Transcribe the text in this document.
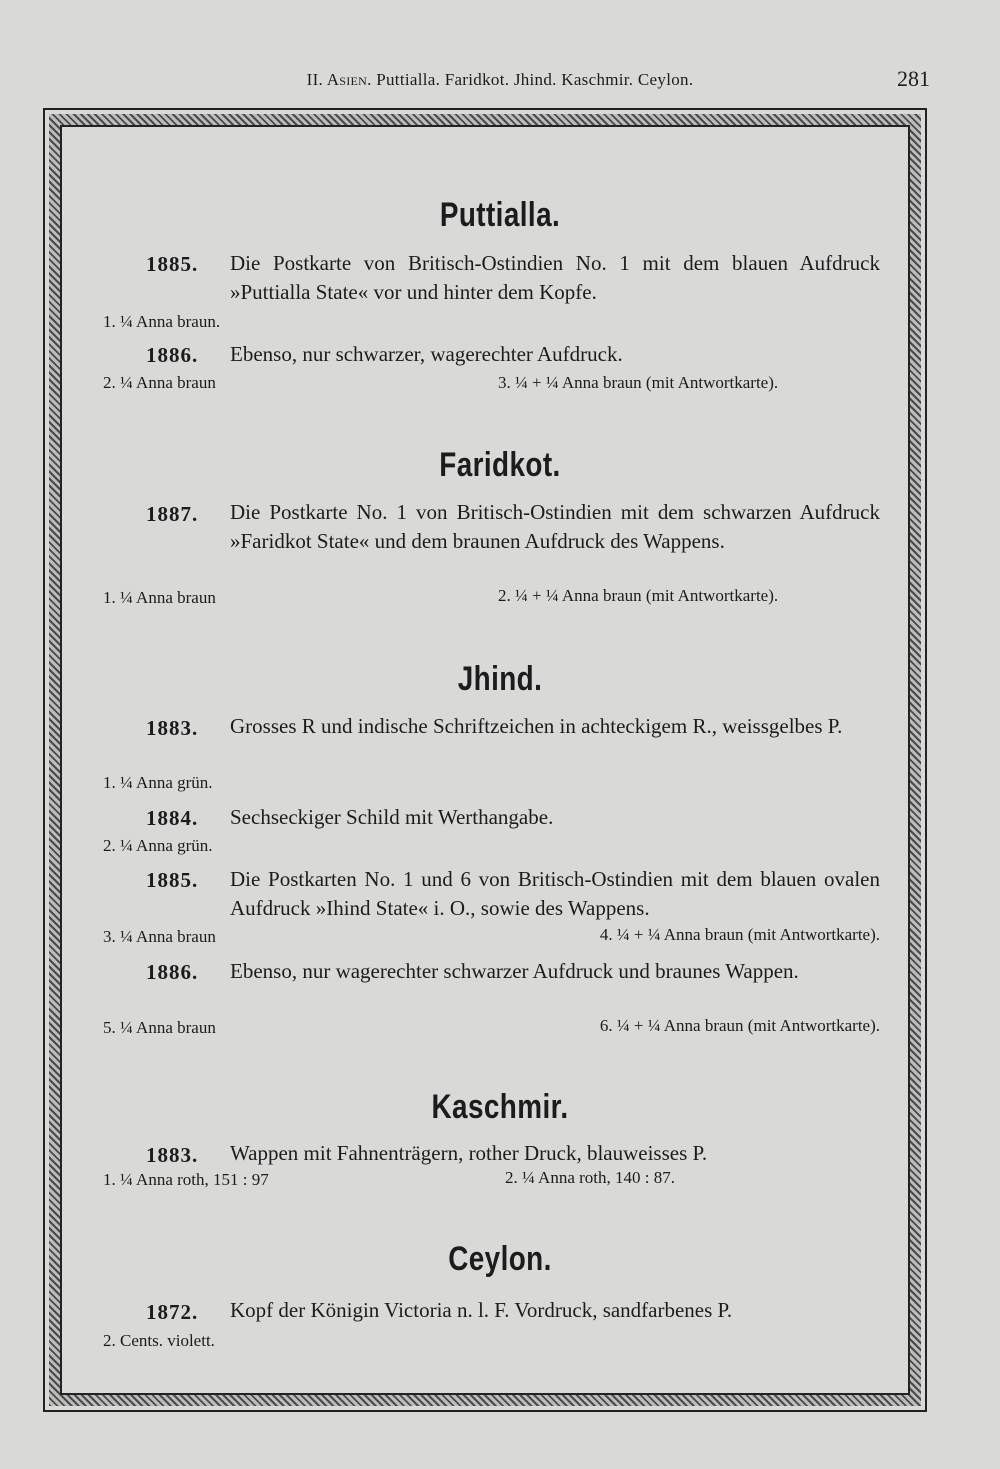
II. Asien. Puttialla. Faridkot. Jhind. Kaschmir. Ceylon.	281
Puttialla.
1885. Die Postkarte von Britisch-Ostindien No. 1 mit dem blauen Aufdruck »Puttialla State« vor und hinter dem Kopfe.
1. ¼ Anna braun.
1886. Ebenso, nur schwarzer, wagerechter Aufdruck.
2. ¼ Anna braun	3. ¼ + ¼ Anna braun (mit Antwortkarte).
Faridkot.
1887. Die Postkarte No. 1 von Britisch-Ostindien mit dem schwarzen Aufdruck »Faridkot State« und dem braunen Aufdruck des Wappens.
1. ¼ Anna braun	2. ¼ + ¼ Anna braun (mit Antwortkarte).
Jhind.
1883. Grosses R und indische Schriftzeichen in achteckigem R., weissgelbes P.
1. ¼ Anna grün.
1884. Sechseckiger Schild mit Werthangabe.
2. ¼ Anna grün.
1885. Die Postkarten No. 1 und 6 von Britisch-Ostindien mit dem blauen ovalen Aufdruck »Ihind State« i. O., sowie des Wappens.
3. ¼ Anna braun	4. ¼ + ¼ Anna braun (mit Antwortkarte).
1886. Ebenso, nur wagerechter schwarzer Aufdruck und braunes Wappen.
5. ¼ Anna braun	6. ¼ + ¼ Anna braun (mit Antwortkarte).
Kaschmir.
1883. Wappen mit Fahnenträgern, rother Druck, blauweisses P.
1. ¼ Anna roth, 151 : 97	2. ¼ Anna roth, 140 : 87.
Ceylon.
1872. Kopf der Königin Victoria n. l. F. Vordruck, sandfarbenes P.
2. Cents. violett.
